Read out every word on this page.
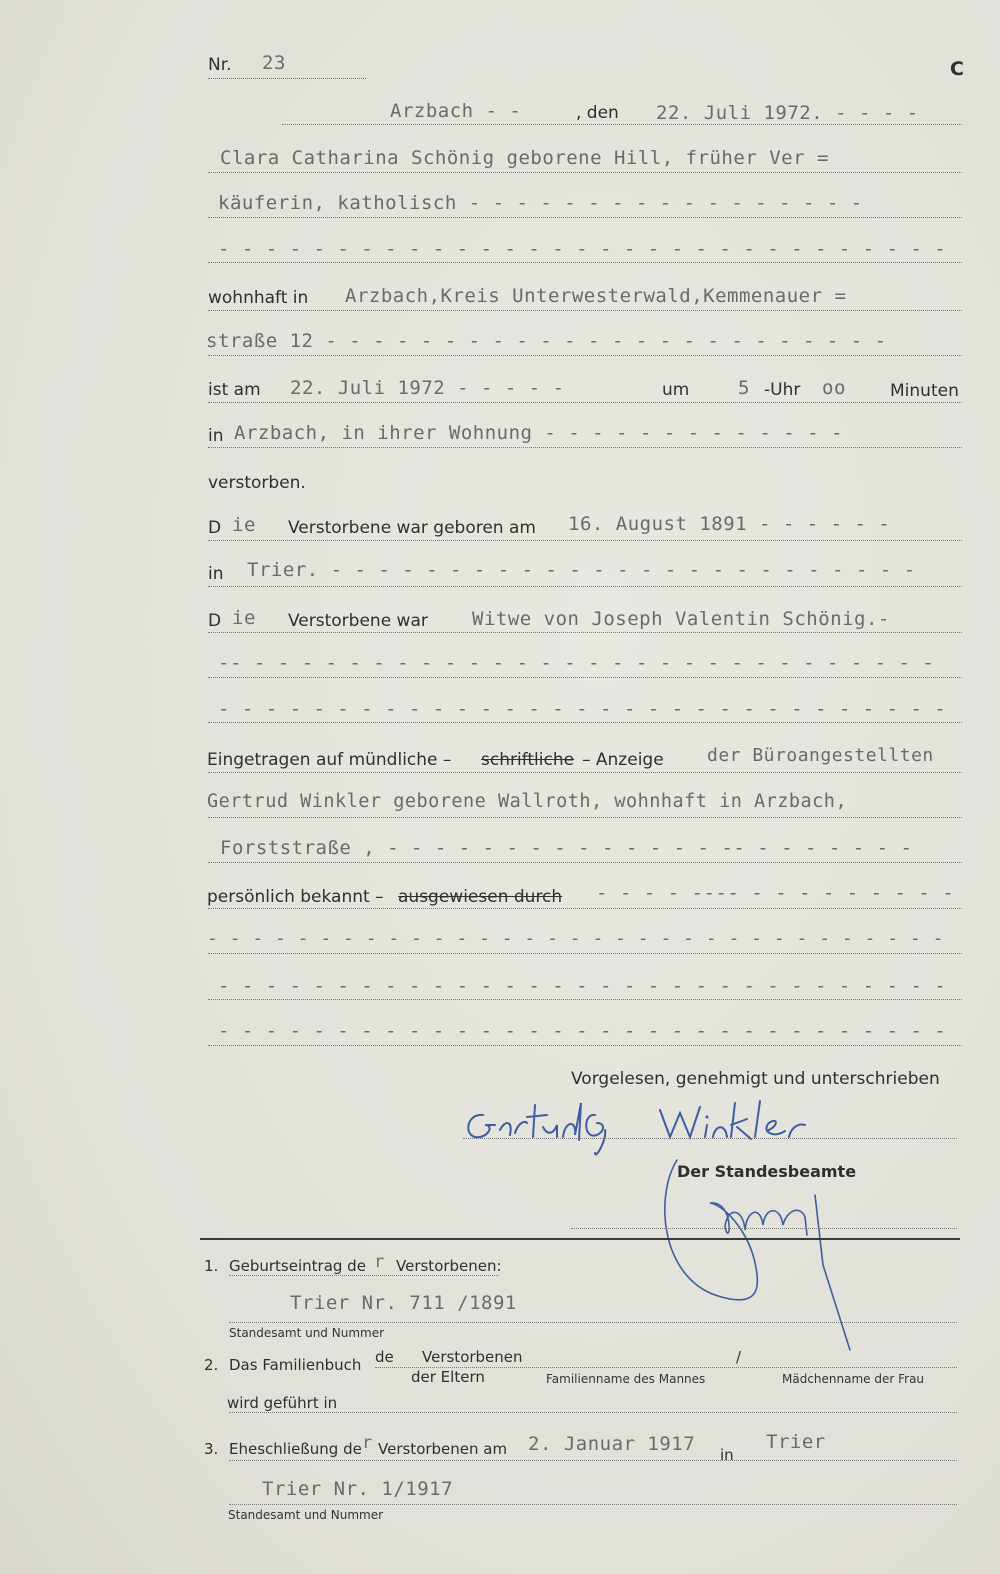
Nr. 23	C
Arzbach - -	, den 22. Juli 1972. - - - -
Clara Catharina Schönig geborene Hill, früher Ver =
käuferin, katholisch - - - - - - - - - - - - - - - - -
- - - - - - - - - - - - - - - - - - - - - - - - - - - - - - -
wohnhaft in Arzbach,Kreis Unterwesterwald,Kemmenauer =
straße 12 - - - - - - - - - - - - - - - - - - - - - - - -
ist am 22. Juli 1972 - - - - -	um	5 -Uhr oo	Minuten
in Arzbach, in ihrer Wohnung - - - - - - - - - - - - -
verstorben.
D ie Verstorbene war geboren am 16. August 1891 - - - - - -
in Trier. - - - - - - - - - - - - - - - - - - - - - - - - -
D ie Verstorbene war Witwe von Joseph Valentin Schönig.-
-- - - - - - - - - - - - - - - - - - - - - - - - - - - - - -
- - - - - - - - - - - - - - - - - - - - - - - - - - - - - - -
Eingetragen auf mündliche – schriftliche – Anzeige der Büroangestellten
Gertrud Winkler geborene Wallroth, wohnhaft in Arzbach,
Forststraße , - - - - - - - - - - - - - - -- - - - - - - -
persönlich bekannt – ausgewiesen durch - - - - ---- - - - - - - - - -
- - - - - - - - - - - - - - - - - - - - - - - - - - - - - - - - -
- - - - - - - - - - - - - - - - - - - - - - - - - - - - - - -
- - - - - - - - - - - - - - - - - - - - - - - - - - - - - - -
Vorgelesen, genehmigt und unterschrieben
Der Standesbeamte
1. Geburtseintrag de r Verstorbenen:
Trier Nr. 711 /1891
Standesamt und Nummer
2. Das Familienbuch de Verstorbenen
der Eltern
/
Familienname des Mannes	Mädchenname der Frau
wird geführt in
3. Eheschließung de r Verstorbenen am 2. Januar 1917 in
Trier
Trier Nr. 1/1917
Standesamt und Nummer
